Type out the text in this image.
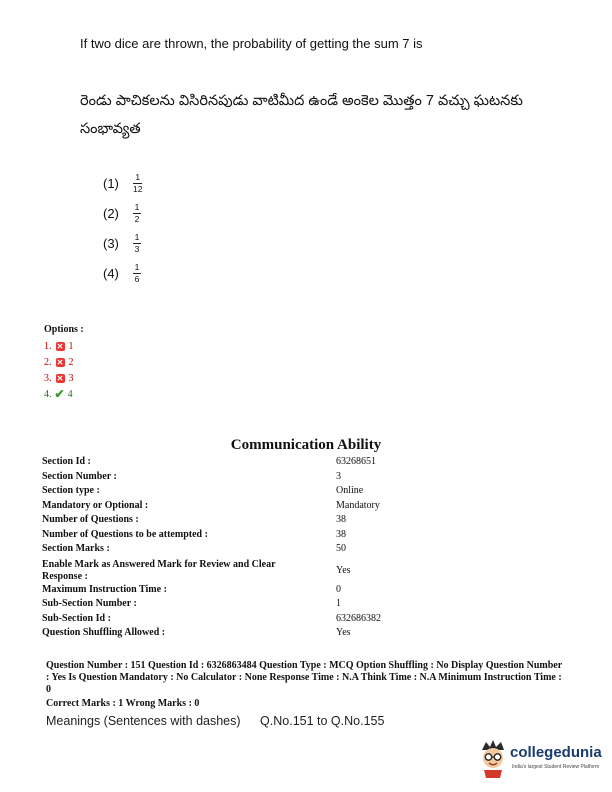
If two dice are thrown, the probability of getting the sum 7 is
రెండు పాచికలను విసిరినపుడు వాటిమీద ఉండే అంకెల మొత్తం 7 వచ్చు ఘటనకు సంభావ్యత
(1)	$\frac{1}{12}$
(2)	$\frac{1}{2}$
(3)	$\frac{1}{3}$
(4)	$\frac{1}{6}$
Options :
1. ✕ 1
2. ✕ 2
3. ✕ 3
4. ✔ 4
Communication Ability
Section Id :	63268651
Section Number :	3
Section type :	Online
Mandatory or Optional :	Mandatory
Number of Questions :	38
Number of Questions to be attempted :	38
Section Marks :	50
Enable Mark as Answered Mark for Review and Clear Response :
Yes
Maximum Instruction Time :	0
Sub-Section Number :	1
Sub-Section Id :	632686382
Question Shuffling Allowed :	Yes
Question Number : 151 Question Id : 6326863484 Question Type : MCQ Option Shuffling : No Display Question Number : Yes Is Question Mandatory : No Calculator : None Response Time : N.A Think Time : N.A Minimum Instruction Time : 0
Correct Marks : 1 Wrong Marks : 0
Meanings (Sentences with dashes) Q.No.151 to Q.No.155
collegedunia
India's largest Student Review Platform
